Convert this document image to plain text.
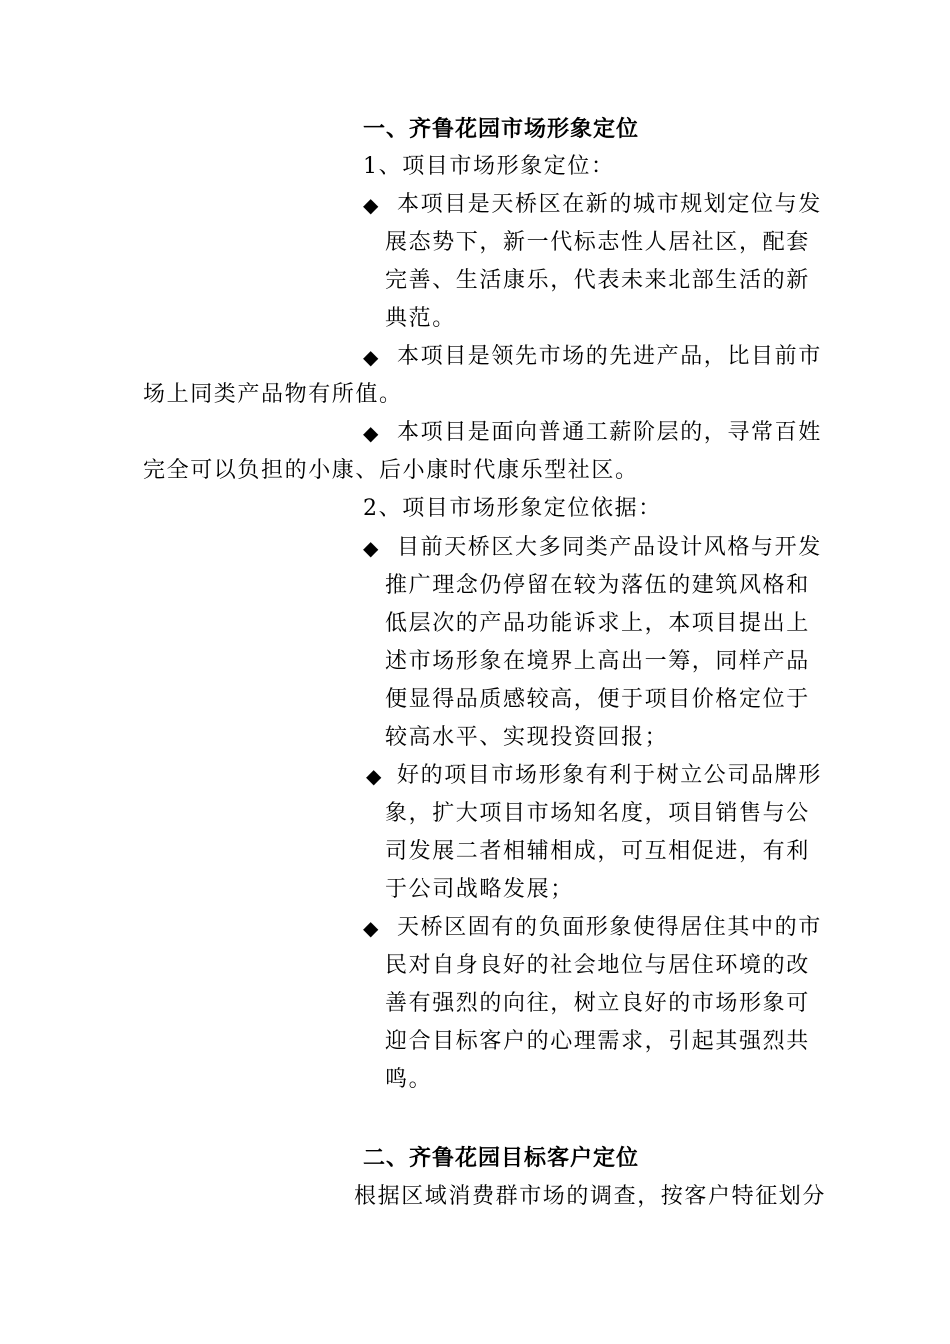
一、齐鲁花园市场形象定位
1、项目市场形象定位：
◆ 本项目是天桥区在新的城市规划定位与发
展态势下，新一代标志性人居社区，配套
完善、生活康乐，代表未来北部生活的新
典范。
◆ 本项目是领先市场的先进产品，比目前市
场上同类产品物有所值。
◆ 本项目是面向普通工薪阶层的，寻常百姓
完全可以负担的小康、后小康时代康乐型社区。
2、项目市场形象定位依据：
◆ 目前天桥区大多同类产品设计风格与开发
推广理念仍停留在较为落伍的建筑风格和
低层次的产品功能诉求上，本项目提出上
述市场形象在境界上高出一筹，同样产品
便显得品质感较高，便于项目价格定位于
较高水平、实现投资回报；
◆ 好的项目市场形象有利于树立公司品牌形
象，扩大项目市场知名度，项目销售与公
司发展二者相辅相成，可互相促进，有利
于公司战略发展；
◆ 天桥区固有的负面形象使得居住其中的市
民对自身良好的社会地位与居住环境的改
善有强烈的向往，树立良好的市场形象可
迎合目标客户的心理需求，引起其强烈共
鸣。
二、齐鲁花园目标客户定位
根据区域消费群市场的调查，按客户特征划分
